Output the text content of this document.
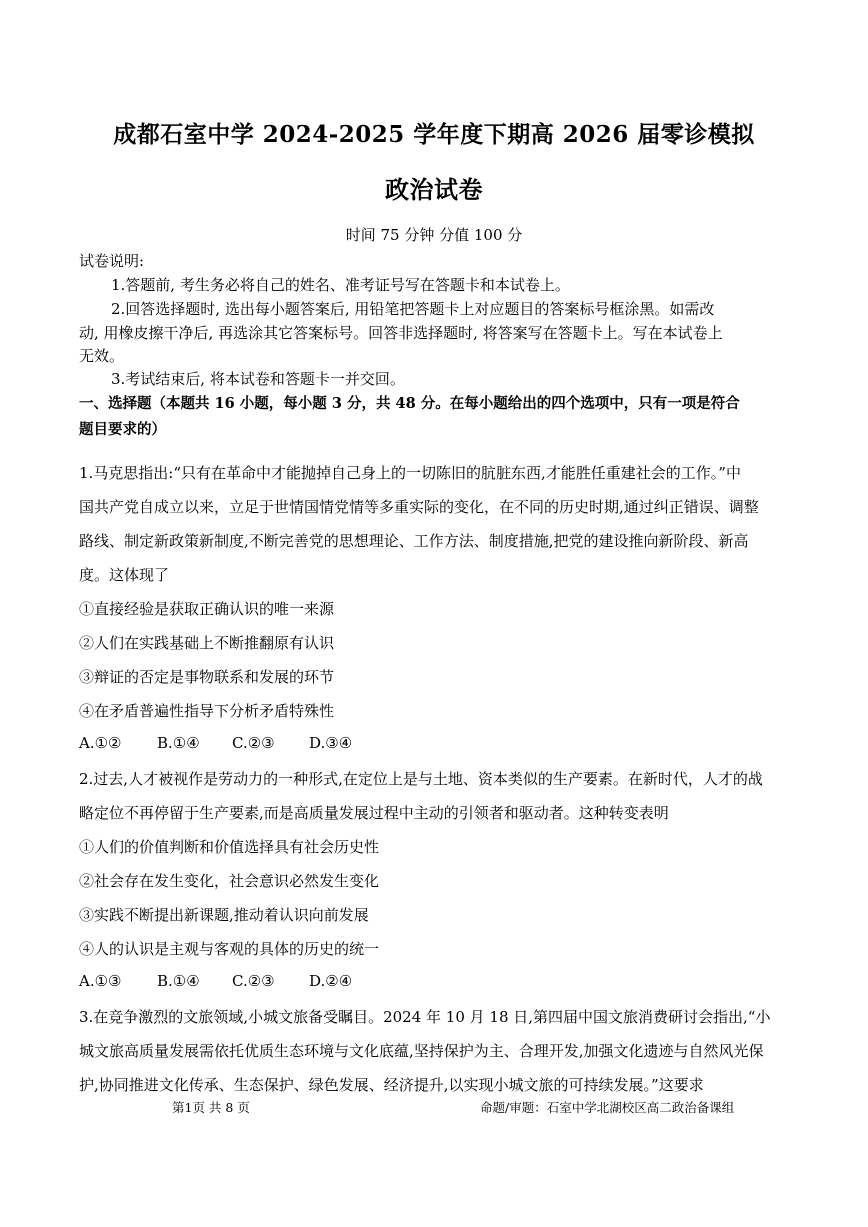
成都石室中学 2024-2025 学年度下期高 2026 届零诊模拟
政治试卷
时间 75 分钟 分值 100 分
试卷说明:
1.答题前, 考生务必将自己的姓名、准考证号写在答题卡和本试卷上。
2.回答选择题时, 选出每小题答案后, 用铅笔把答题卡上对应题目的答案标号框涂黑。如需改
动, 用橡皮擦干净后, 再选涂其它答案标号。回答非选择题时, 将答案写在答题卡上。写在本试卷上
无效。
3.考试结束后, 将本试卷和答题卡一并交回。
一、选择题（本题共 16 小题，每小题 3 分，共 48 分。在每小题给出的四个选项中，只有一项是符合
题目要求的）
1.马克思指出:“只有在革命中才能抛掉自己身上的一切陈旧的肮脏东西,才能胜任重建社会的工作。”中
国共产党自成立以来，立足于世情国情党情等多重实际的变化，在不同的历史时期,通过纠正错误、调整
路线、制定新政策新制度,不断完善党的思想理论、工作方法、制度措施,把党的建设推向新阶段、新高
度。这体现了
①直接经验是获取正确认识的唯一来源
②人们在实践基础上不断推翻原有认识
③辩证的否定是事物联系和发展的环节
④在矛盾普遍性指导下分析矛盾特殊性
A.①② B.①④ C.②③ D.③④
2.过去,人才被视作是劳动力的一种形式,在定位上是与土地、资本类似的生产要素。在新时代，人才的战
略定位不再停留于生产要素,而是高质量发展过程中主动的引领者和驱动者。这种转变表明
①人们的价值判断和价值选择具有社会历史性
②社会存在发生变化，社会意识必然发生变化
③实践不断提出新课题,推动着认识向前发展
④人的认识是主观与客观的具体的历史的统一
A.①③ B.①④ C.②③ D.②④
3.在竞争激烈的文旅领域,小城文旅备受瞩目。2024 年 10 月 18 日,第四届中国文旅消费研讨会指出,“小
城文旅高质量发展需依托优质生态环境与文化底蕴,坚持保护为主、合理开发,加强文化遗迹与自然风光保
护,协同推进文化传承、生态保护、绿色发展、经济提升,以实现小城文旅的可持续发展。”这要求
第1页 共 8 页	命题/审题：石室中学北湖校区高二政治备课组
